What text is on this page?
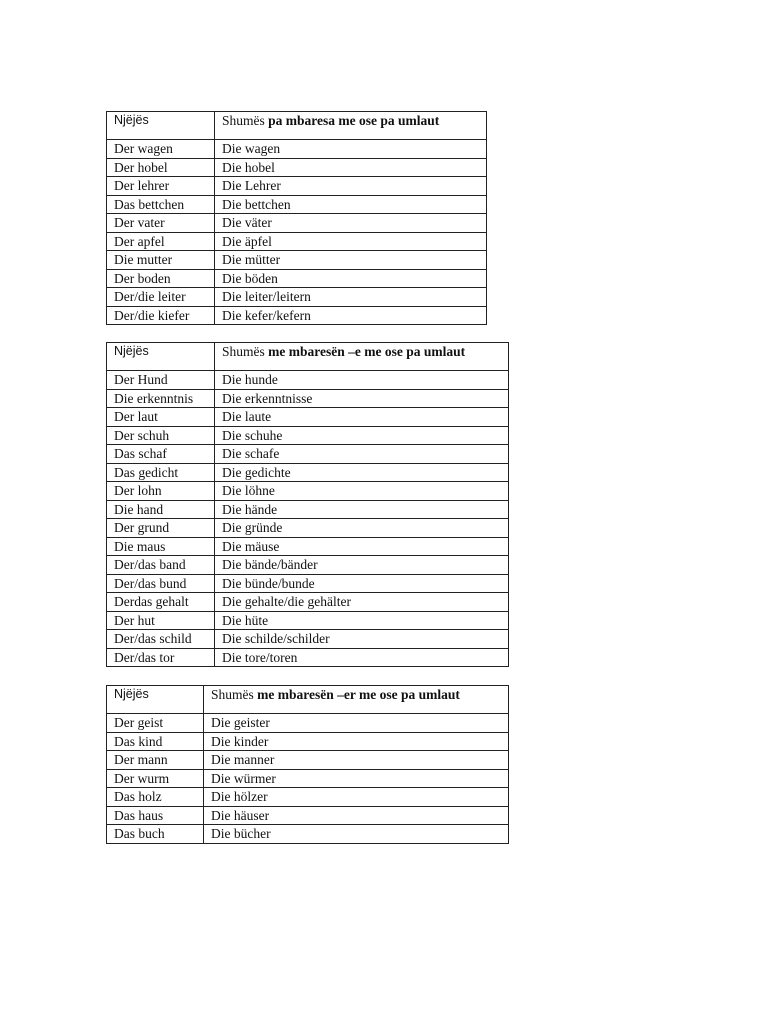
Njëjës	Shumës pa mbaresa me ose pa umlaut
Der wagen	Die wagen
Der hobel	Die hobel
Der lehrer	Die Lehrer
Das bettchen	Die bettchen
Der vater	Die väter
Der apfel	Die äpfel
Die mutter	Die mütter
Der boden	Die böden
Der/die leiter	Die leiter/leitern
Der/die kiefer	Die kefer/kefern
Njëjës	Shumës me mbaresën –e me ose pa umlaut
Der Hund	Die hunde
Die erkenntnis	Die erkenntnisse
Der laut	Die laute
Der schuh	Die schuhe
Das schaf	Die schafe
Das gedicht	Die gedichte
Der lohn	Die löhne
Die hand	Die hände
Der grund	Die gründe
Die maus	Die mäuse
Der/das band	Die bände/bänder
Der/das bund	Die bünde/bunde
Derdas gehalt	Die gehalte/die gehälter
Der hut	Die hüte
Der/das schild	Die schilde/schilder
Der/das tor	Die tore/toren
Njëjës	Shumës me mbaresën –er me ose pa umlaut
Der geist	Die geister
Das kind	Die kinder
Der mann	Die manner
Der wurm	Die würmer
Das holz	Die hölzer
Das haus	Die häuser
Das buch	Die bücher
